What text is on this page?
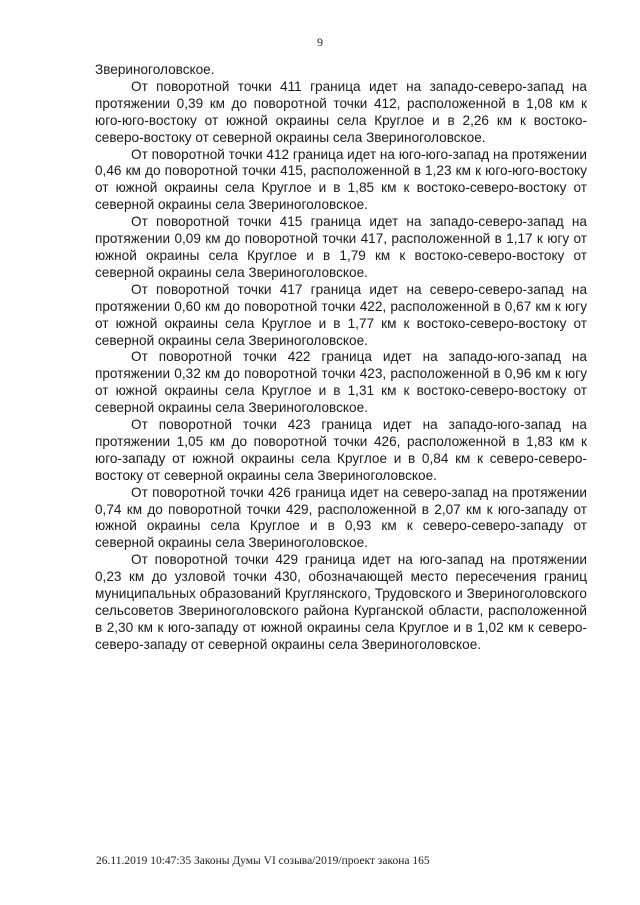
9

Звериноголовское.

От поворотной точки 411 граница идет на западо-северо-запад на протяжении 0,39 км до поворотной точки 412, расположенной в 1,08 км к юго-юго-востоку от южной окраины села Круглое и в 2,26 км к востоко-северо-востоку от северной окраины села Звериноголовское.

От поворотной точки 412 граница идет на юго-юго-запад на протяжении 0,46 км до поворотной точки 415, расположенной в 1,23 км к юго-юго-востоку от южной окраины села Круглое и в 1,85 км к востоко-северо-востоку от северной окраины села Звериноголовское.

От поворотной точки 415 граница идет на западо-северо-запад на протяжении 0,09 км до поворотной точки 417, расположенной в 1,17 к югу от южной окраины села Круглое и в 1,79 км к востоко-северо-востоку от северной окраины села Звериноголовское.

От поворотной точки 417 граница идет на северо-северо-запад на протяжении 0,60 км до поворотной точки 422, расположенной в 0,67 км к югу от южной окраины села Круглое и в 1,77 км к востоко-северо-востоку от северной окраины села Звериноголовское.

От поворотной точки 422 граница идет на западо-юго-запад на протяжении 0,32 км до поворотной точки 423, расположенной в 0,96 км к югу от южной окраины села Круглое и в 1,31 км к востоко-северо-востоку от северной окраины села Звериноголовское.

От поворотной точки 423 граница идет на западо-юго-запад на протяжении 1,05 км до поворотной точки 426, расположенной в 1,83 км к юго-западу от южной окраины села Круглое и в 0,84 км к северо-северо-востоку от северной окраины села Звериноголовское.

От поворотной точки 426 граница идет на северо-запад на протяжении 0,74 км до поворотной точки 429, расположенной в 2,07 км к юго-западу от южной окраины села Круглое и в 0,93 км к северо-северо-западу от северной окраины села Звериноголовское.

От поворотной точки 429 граница идет на юго-запад на протяжении 0,23 км до узловой точки 430, обозначающей место пересечения границ муниципальных образований Круглянского, Трудовского и Звериноголовского сельсоветов Звериноголовского района Курганской области, расположенной в 2,30 км к юго-западу от южной окраины села Круглое и в 1,02 км к северо-северо-западу от северной окраины села Звериноголовское.

26.11.2019 10:47:35 Законы Думы VI созыва/2019/проект закона 165
